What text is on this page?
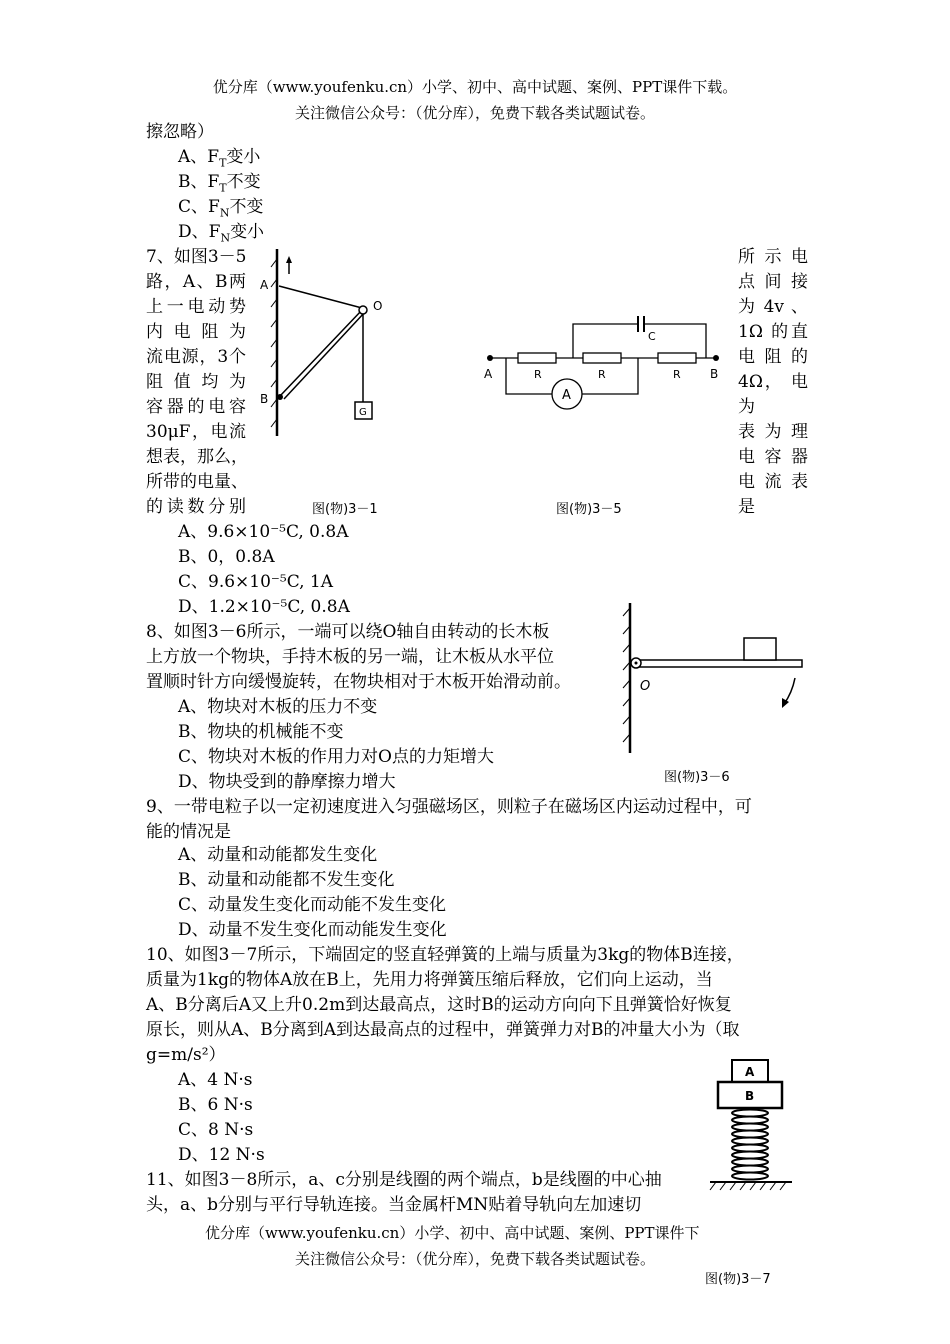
优分库（www.youfenku.cn）小学、初中、高中试题、案例、PPT课件下载。
关注微信公众号：（优分库），免费下载各类试题试卷。
擦忽略）
A、$F_T$变小
B、$F_T$不变
C、$F_N$不变
D、$F_N$变小
7、如图3－5
路，A、B两
上一电动势
内 电 阻 为
流电源，3个
阻 值 均 为
容器的电容
30μF，电流
想表，那么，
所带的电量、
的读数分别
所 示 电
点 间 接
为 4v 、
1Ω 的直
电 阻 的
4Ω， 电
为
表 为 理
电 容 器
电 流 表
是
A
B
O
G
图(物)3－1
A	B
R	R	R
C
A
图(物)3－5
A、9.6×10⁻⁵C, 0.8A
B、0，0.8A
C、9.6×10⁻⁵C, 1A
D、1.2×10⁻⁵C, 0.8A
8、如图3－6所示，一端可以绕O轴自由转动的长木板
上方放一个物块，手持木板的另一端，让木板从水平位
置顺时针方向缓慢旋转，在物块相对于木板开始滑动前。
A、物块对木板的压力不变
B、物块的机械能不变
C、物块对木板的作用力对O点的力矩增大
D、物块受到的静摩擦力增大
O
图(物)3－6
9、一带电粒子以一定初速度进入匀强磁场区，则粒子在磁场区内运动过程中，可
能的情况是
A、动量和动能都发生变化
B、动量和动能都不发生变化
C、动量发生变化而动能不发生变化
D、动量不发生变化而动能发生变化
10、如图3－7所示，下端固定的竖直轻弹簧的上端与质量为3kg的物体B连接，
质量为1kg的物体A放在B上，先用力将弹簧压缩后释放，它们向上运动，当
A、B分离后A又上升0.2m到达最高点，这时B的运动方向向下且弹簧恰好恢复
原长，则从A、B分离到A到达最高点的过程中，弹簧弹力对B的冲量大小为（取
g=m/s²）
A、4 N·s
B、6 N·s
C、8 N·s
D、12 N·s
A
B
11、如图3－8所示，a、c分别是线圈的两个端点，b是线圈的中心抽
头，a、b分别与平行导轨连接。当金属杆MN贴着导轨向左加速切
优分库（www.youfenku.cn）小学、初中、高中试题、案例、PPT课件下
关注微信公众号：（优分库），免费下载各类试题试卷。
图(物)3－7
